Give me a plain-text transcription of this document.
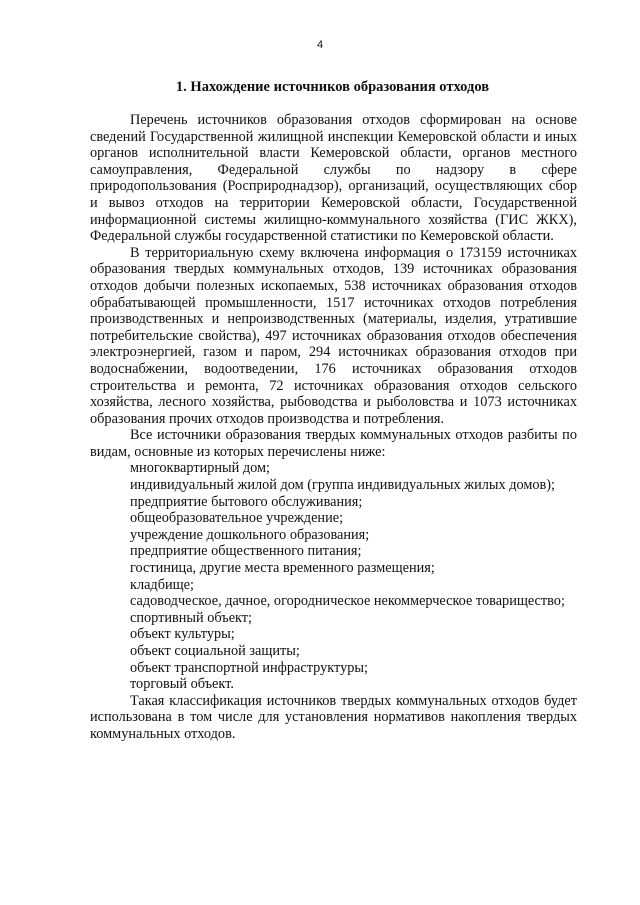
4
1. Нахождение источников образования отходов

Перечень источников образования отходов сформирован на основе сведений Государственной жилищной инспекции Кемеровской области и иных органов исполнительной власти Кемеровской области, органов местного самоуправления, Федеральной службы по надзору в сфере природопользования (Росприроднадзор), организаций, осуществляющих сбор и вывоз отходов на территории Кемеровской области, Государственной информационной системы жилищно-коммунального хозяйства (ГИС ЖКХ), Федеральной службы государственной статистики по Кемеровской области.

В территориальную схему включена информация о 173159 источниках образования твердых коммунальных отходов, 139 источниках образования отходов добычи полезных ископаемых, 538 источниках образования отходов обрабатывающей промышленности, 1517 источниках отходов потребления производственных и непроизводственных (материалы, изделия, утратившие потребительские свойства), 497 источниках образования отходов обеспечения электроэнергией, газом и паром, 294 источниках образования отходов при водоснабжении, водоотведении, 176 источниках образования отходов строительства и ремонта, 72 источниках образования отходов сельского хозяйства, лесного хозяйства, рыбоводства и рыболовства и 1073 источниках образования прочих отходов производства и потребления.

Все источники образования твердых коммунальных отходов разбиты по видам, основные из которых перечислены ниже:

многоквартирный дом;
индивидуальный жилой дом (группа индивидуальных жилых домов);
предприятие бытового обслуживания;
общеобразовательное учреждение;
учреждение дошкольного образования;
предприятие общественного питания;
гостиница, другие места временного размещения;
кладбище;
садоводческое, дачное, огородническое некоммерческое товарищество;
спортивный объект;
объект культуры;
объект социальной защиты;
объект транспортной инфраструктуры;
торговый объект.

Такая классификация источников твердых коммунальных отходов будет использована в том числе для установления нормативов накопления твердых коммунальных отходов.
